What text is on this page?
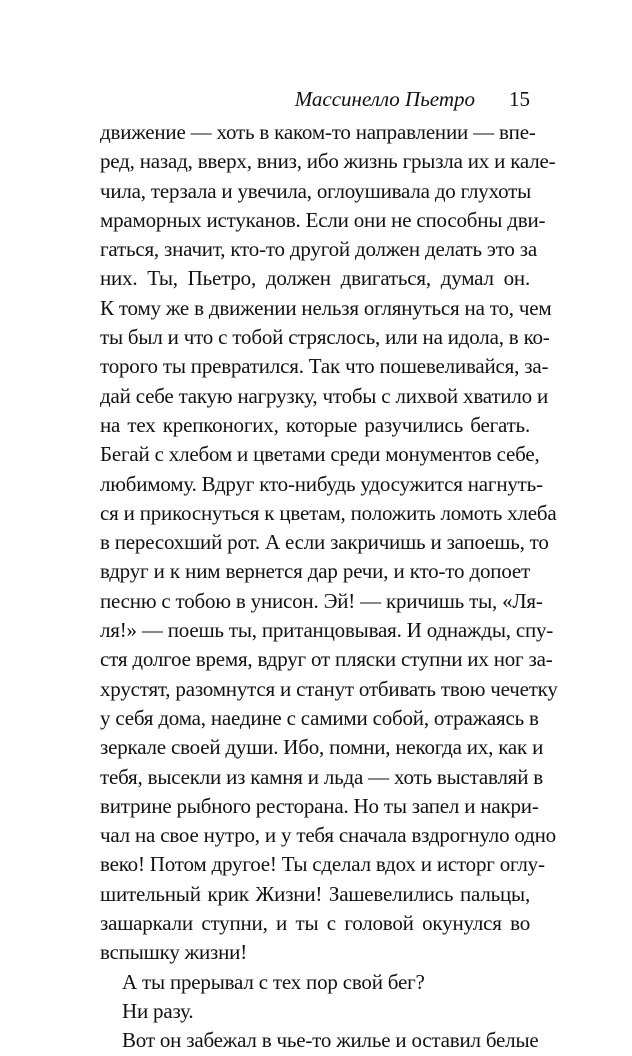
Массинелло Пьетро 15
движение — хоть в каком-то направлении — впе-
ред, назад, вверх, вниз, ибо жизнь грызла их и кале-
чила, терзала и увечила, оглоушивала до глухоты
мраморных истуканов. Если они не способны дви-
гаться, значит, кто-то другой должен делать это за
них. Ты, Пьетро, должен двигаться, думал он.
К тому же в движении нельзя оглянуться на то, чем
ты был и что с тобой стряслось, или на идола, в ко-
торого ты превратился. Так что пошевеливайся, за-
дай себе такую нагрузку, чтобы с лихвой хватило и
на тех крепконогих, которые разучились бегать.
Бегай с хлебом и цветами среди монументов себе,
любимому. Вдруг кто-нибудь удосужится нагнуть-
ся и прикоснуться к цветам, положить ломоть хлеба
в пересохший рот. А если закричишь и запоешь, то
вдруг и к ним вернется дар речи, и кто-то допоет
песню с тобою в унисон. Эй! — кричишь ты, «Ля-
ля!» — поешь ты, пританцовывая. И однажды, спу-
стя долгое время, вдруг от пляски ступни их ног за-
хрустят, разомнутся и станут отбивать твою чечетку
у себя дома, наедине с самими собой, отражаясь в
зеркале своей души. Ибо, помни, некогда их, как и
тебя, высекли из камня и льда — хоть выставляй в
витрине рыбного ресторана. Но ты запел и накри-
чал на свое нутро, и у тебя сначала вздрогнуло одно
веко! Потом другое! Ты сделал вдох и исторг оглу-
шительный крик Жизни! Зашевелились пальцы,
зашаркали ступни, и ты с головой окунулся во
вспышку жизни!
А ты прерывал с тех пор свой бег?
Ни разу.
Вот он забежал в чье-то жилье и оставил белые
